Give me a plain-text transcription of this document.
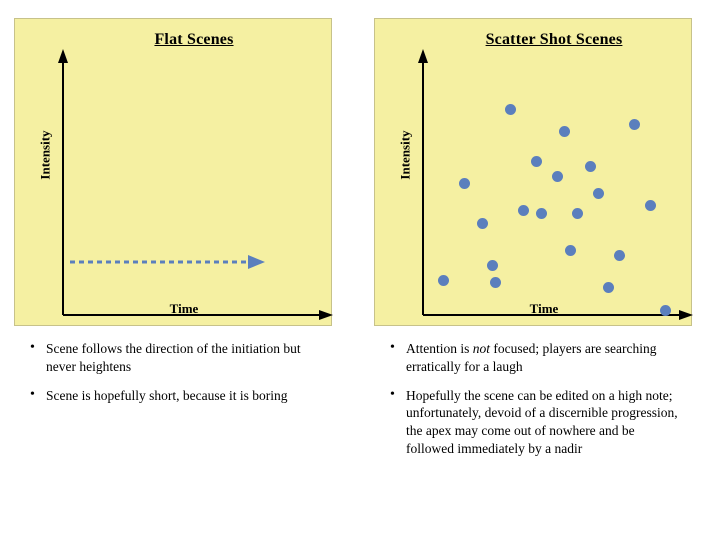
Flat Scenes
Intensity
Time
• Scene follows the direction of the initiation but never heightens
• Scene is hopefully short, because it is boring
Scatter Shot Scenes
Intensity
Time
• Attention is not focused; players are searching erratically for a laugh
• Hopefully the scene can be edited on a high note; unfortunately, devoid of a discernible progression, the apex may come out of nowhere and be followed immediately by a nadir
